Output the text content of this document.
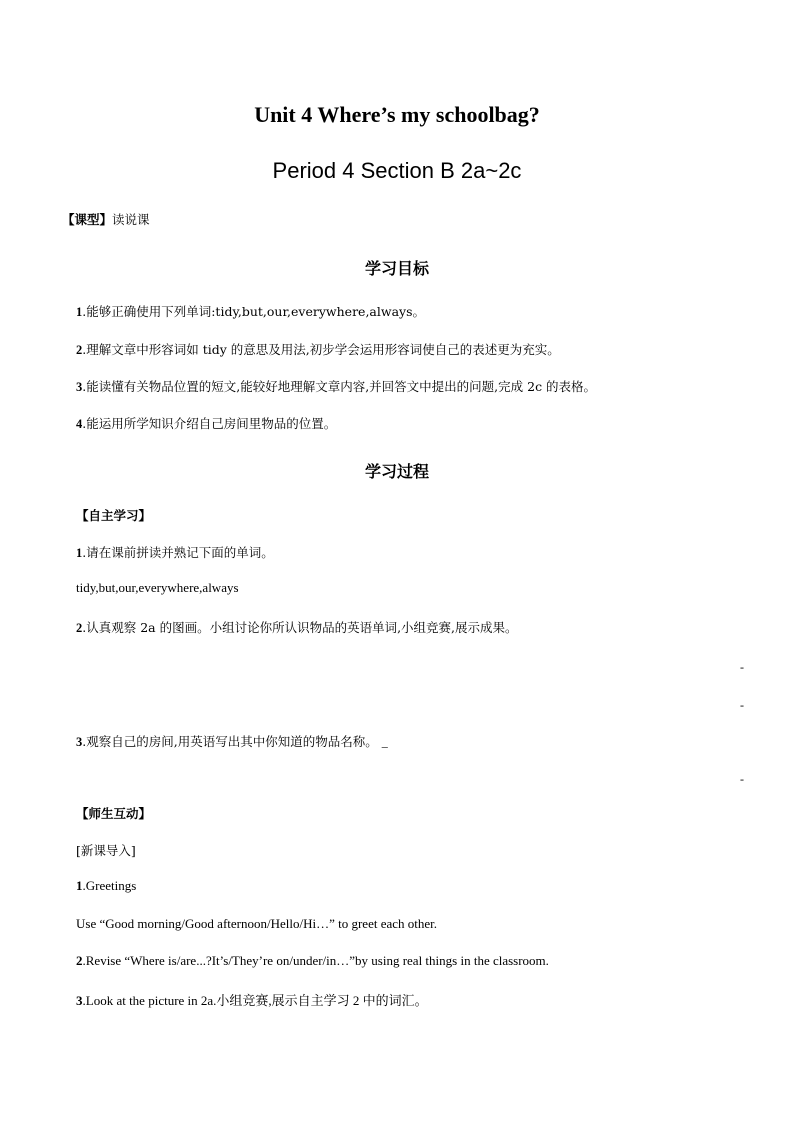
Unit 4 Where’s my schoolbag?
Period 4 Section B 2a~2c
【课型】读说课
学习目标
1.能够正确使用下列单词:tidy,but,our,everywhere,always。
2.理解文章中形容词如 tidy 的意思及用法,初步学会运用形容词使自己的表述更为充实。
3.能读懂有关物品位置的短文,能较好地理解文章内容,并回答文中提出的问题,完成 2c 的表格。
4.能运用所学知识介绍自己房间里物品的位置。
学习过程
【自主学习】
1.请在课前拼读并熟记下面的单词。
tidy,but,our,everywhere,always
2.认真观察 2a 的图画。小组讨论你所认识物品的英语单词,小组竞赛,展示成果。
-
-
3.观察自己的房间,用英语写出其中你知道的物品名称。 _
-
【师生互动】
[新课导入]
1.Greetings
Use “Good morning/Good afternoon/Hello/Hi…” to greet each other.
2.Revise “Where is/are...?It’s/They’re on/under/in…”by using real things in the classroom.
3.Look at the picture in 2a.小组竞赛,展示自主学习 2 中的词汇。
